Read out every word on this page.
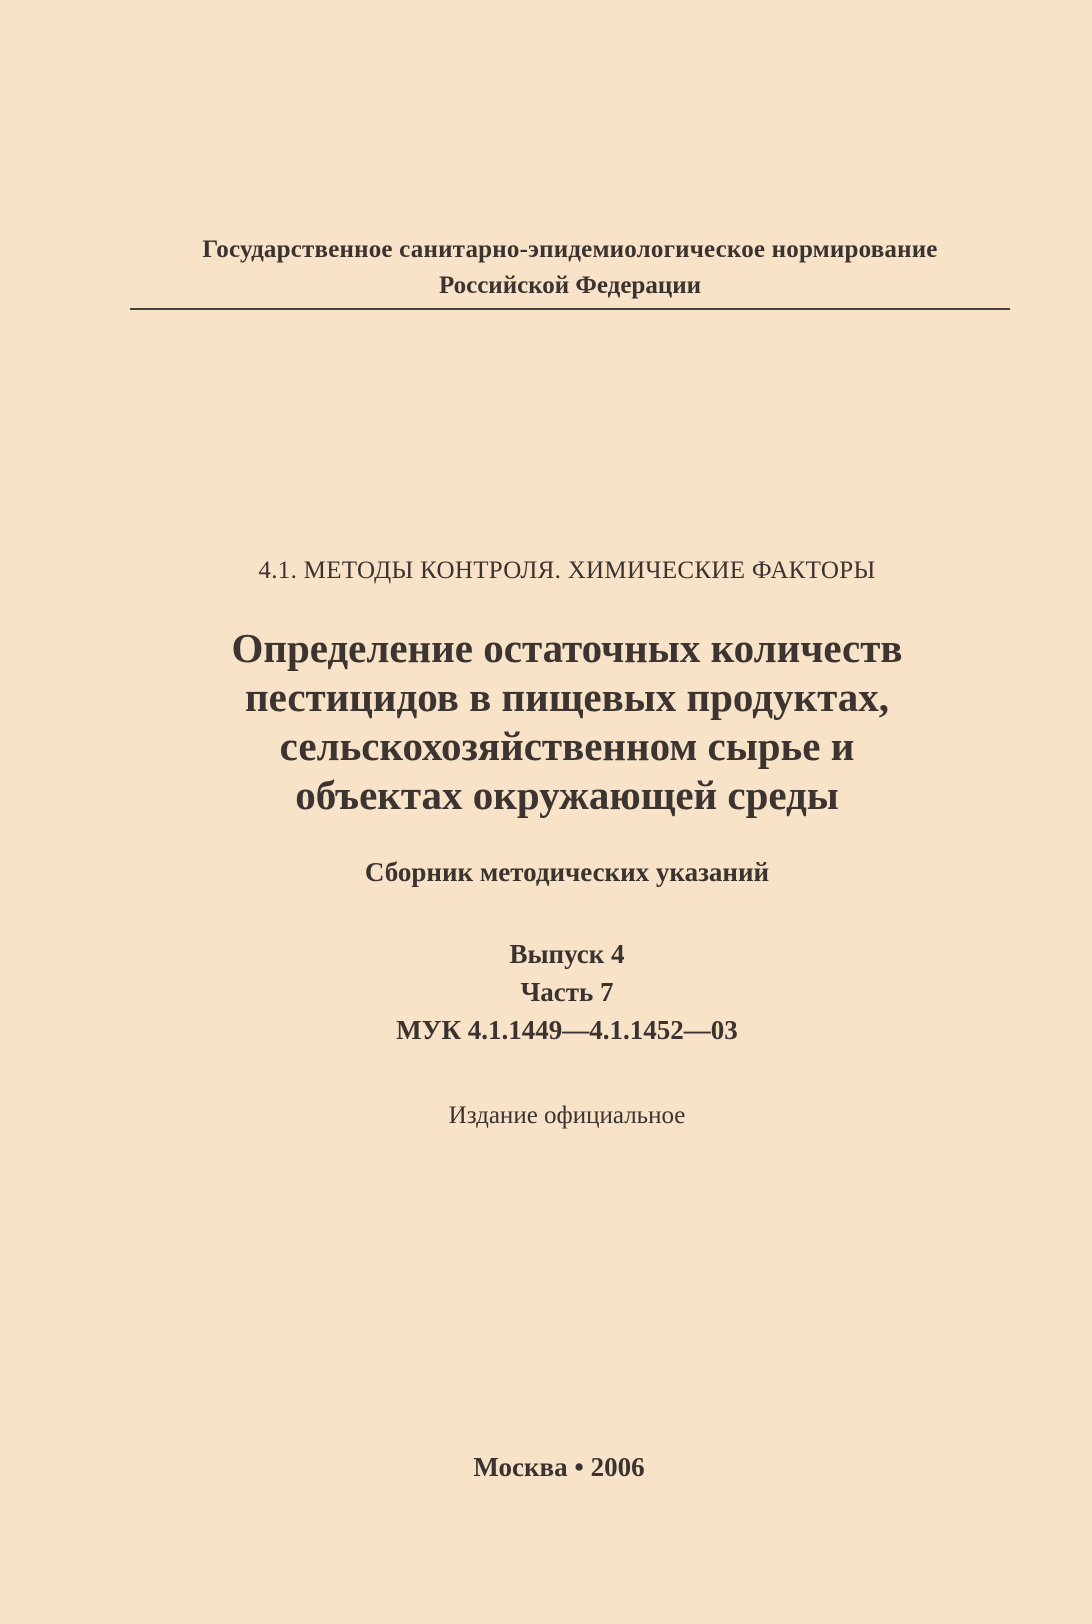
Государственное санитарно-эпидемиологическое нормирование
Российской Федерации
4.1. МЕТОДЫ КОНТРОЛЯ. ХИМИЧЕСКИЕ ФАКТОРЫ
Определение остаточных количеств
пестицидов в пищевых продуктах,
сельскохозяйственном сырье и
объектах окружающей среды
Сборник методических указаний
Выпуск 4
Часть 7
МУК 4.1.1449—4.1.1452—03
Издание официальное
Москва • 2006
